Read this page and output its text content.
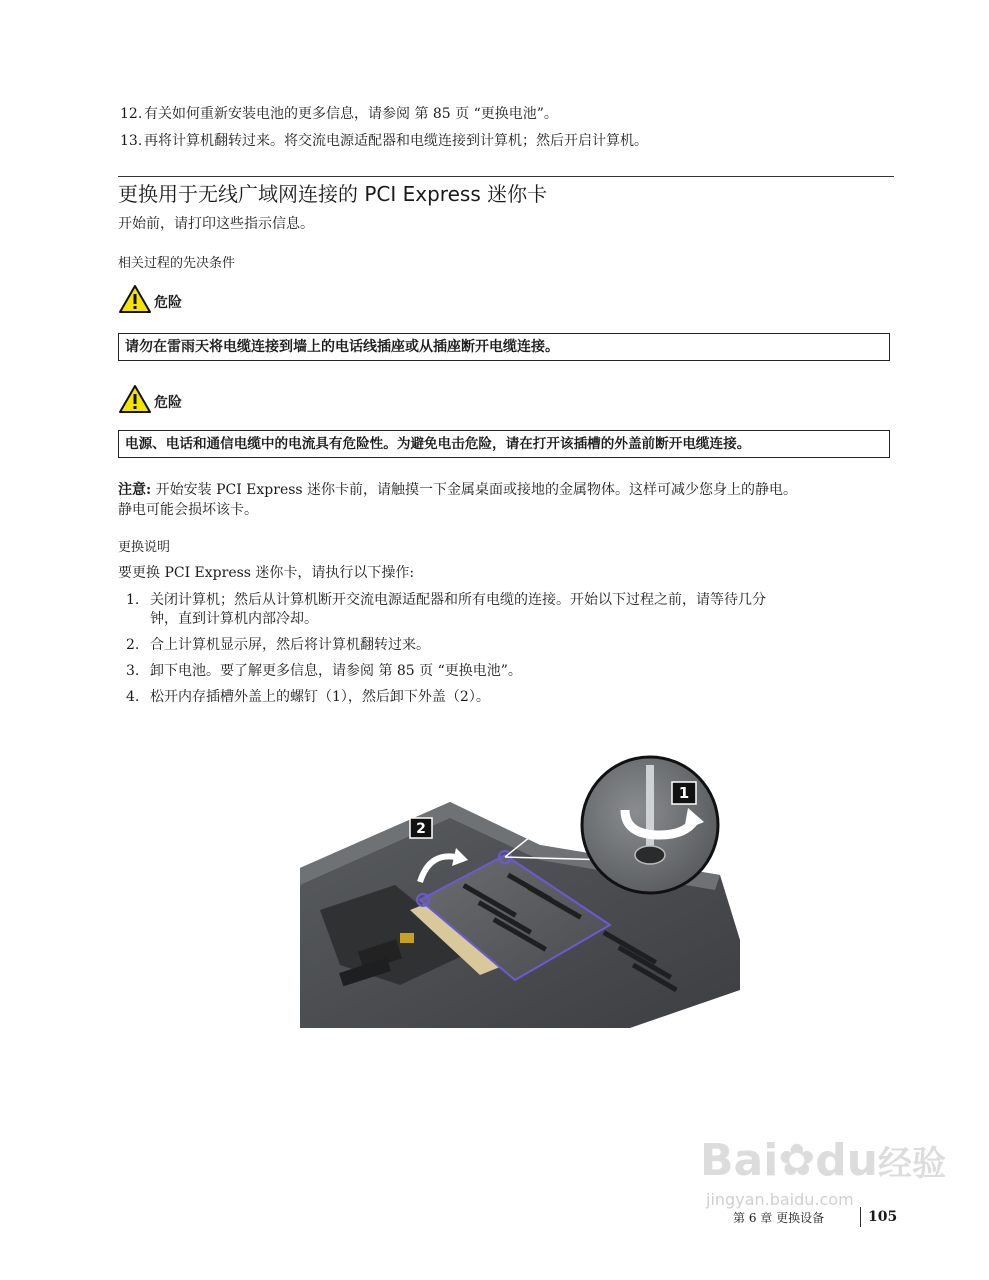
12. 有关如何重新安装电池的更多信息，请参阅 第 85 页 “更换电池”。
13. 再将计算机翻转过来。将交流电源适配器和电缆连接到计算机；然后开启计算机。
更换用于无线广域网连接的 PCI Express 迷你卡
开始前，请打印这些指示信息。
相关过程的先决条件
危险
请勿在雷雨天将电缆连接到墙上的电话线插座或从插座断开电缆连接。
危险
电源、电话和通信电缆中的电流具有危险性。为避免电击危险，请在打开该插槽的外盖前断开电缆连接。
注意: 开始安装 PCI Express 迷你卡前，请触摸一下金属桌面或接地的金属物体。这样可减少您身上的静电。
静电可能会损坏该卡。
更换说明
要更换 PCI Express 迷你卡，请执行以下操作:
1. 关闭计算机；然后从计算机断开交流电源适配器和所有电缆的连接。开始以下过程之前，请等待几分
钟，直到计算机内部冷却。
2. 合上计算机显示屏，然后将计算机翻转过来。
3. 卸下电池。要了解更多信息，请参阅 第 85 页 “更换电池”。
4. 松开内存插槽外盖上的螺钉（1），然后卸下外盖（2）。
2
1
Bai✿du经验
jingyan.baidu.com
第 6 章 更换设备	105
